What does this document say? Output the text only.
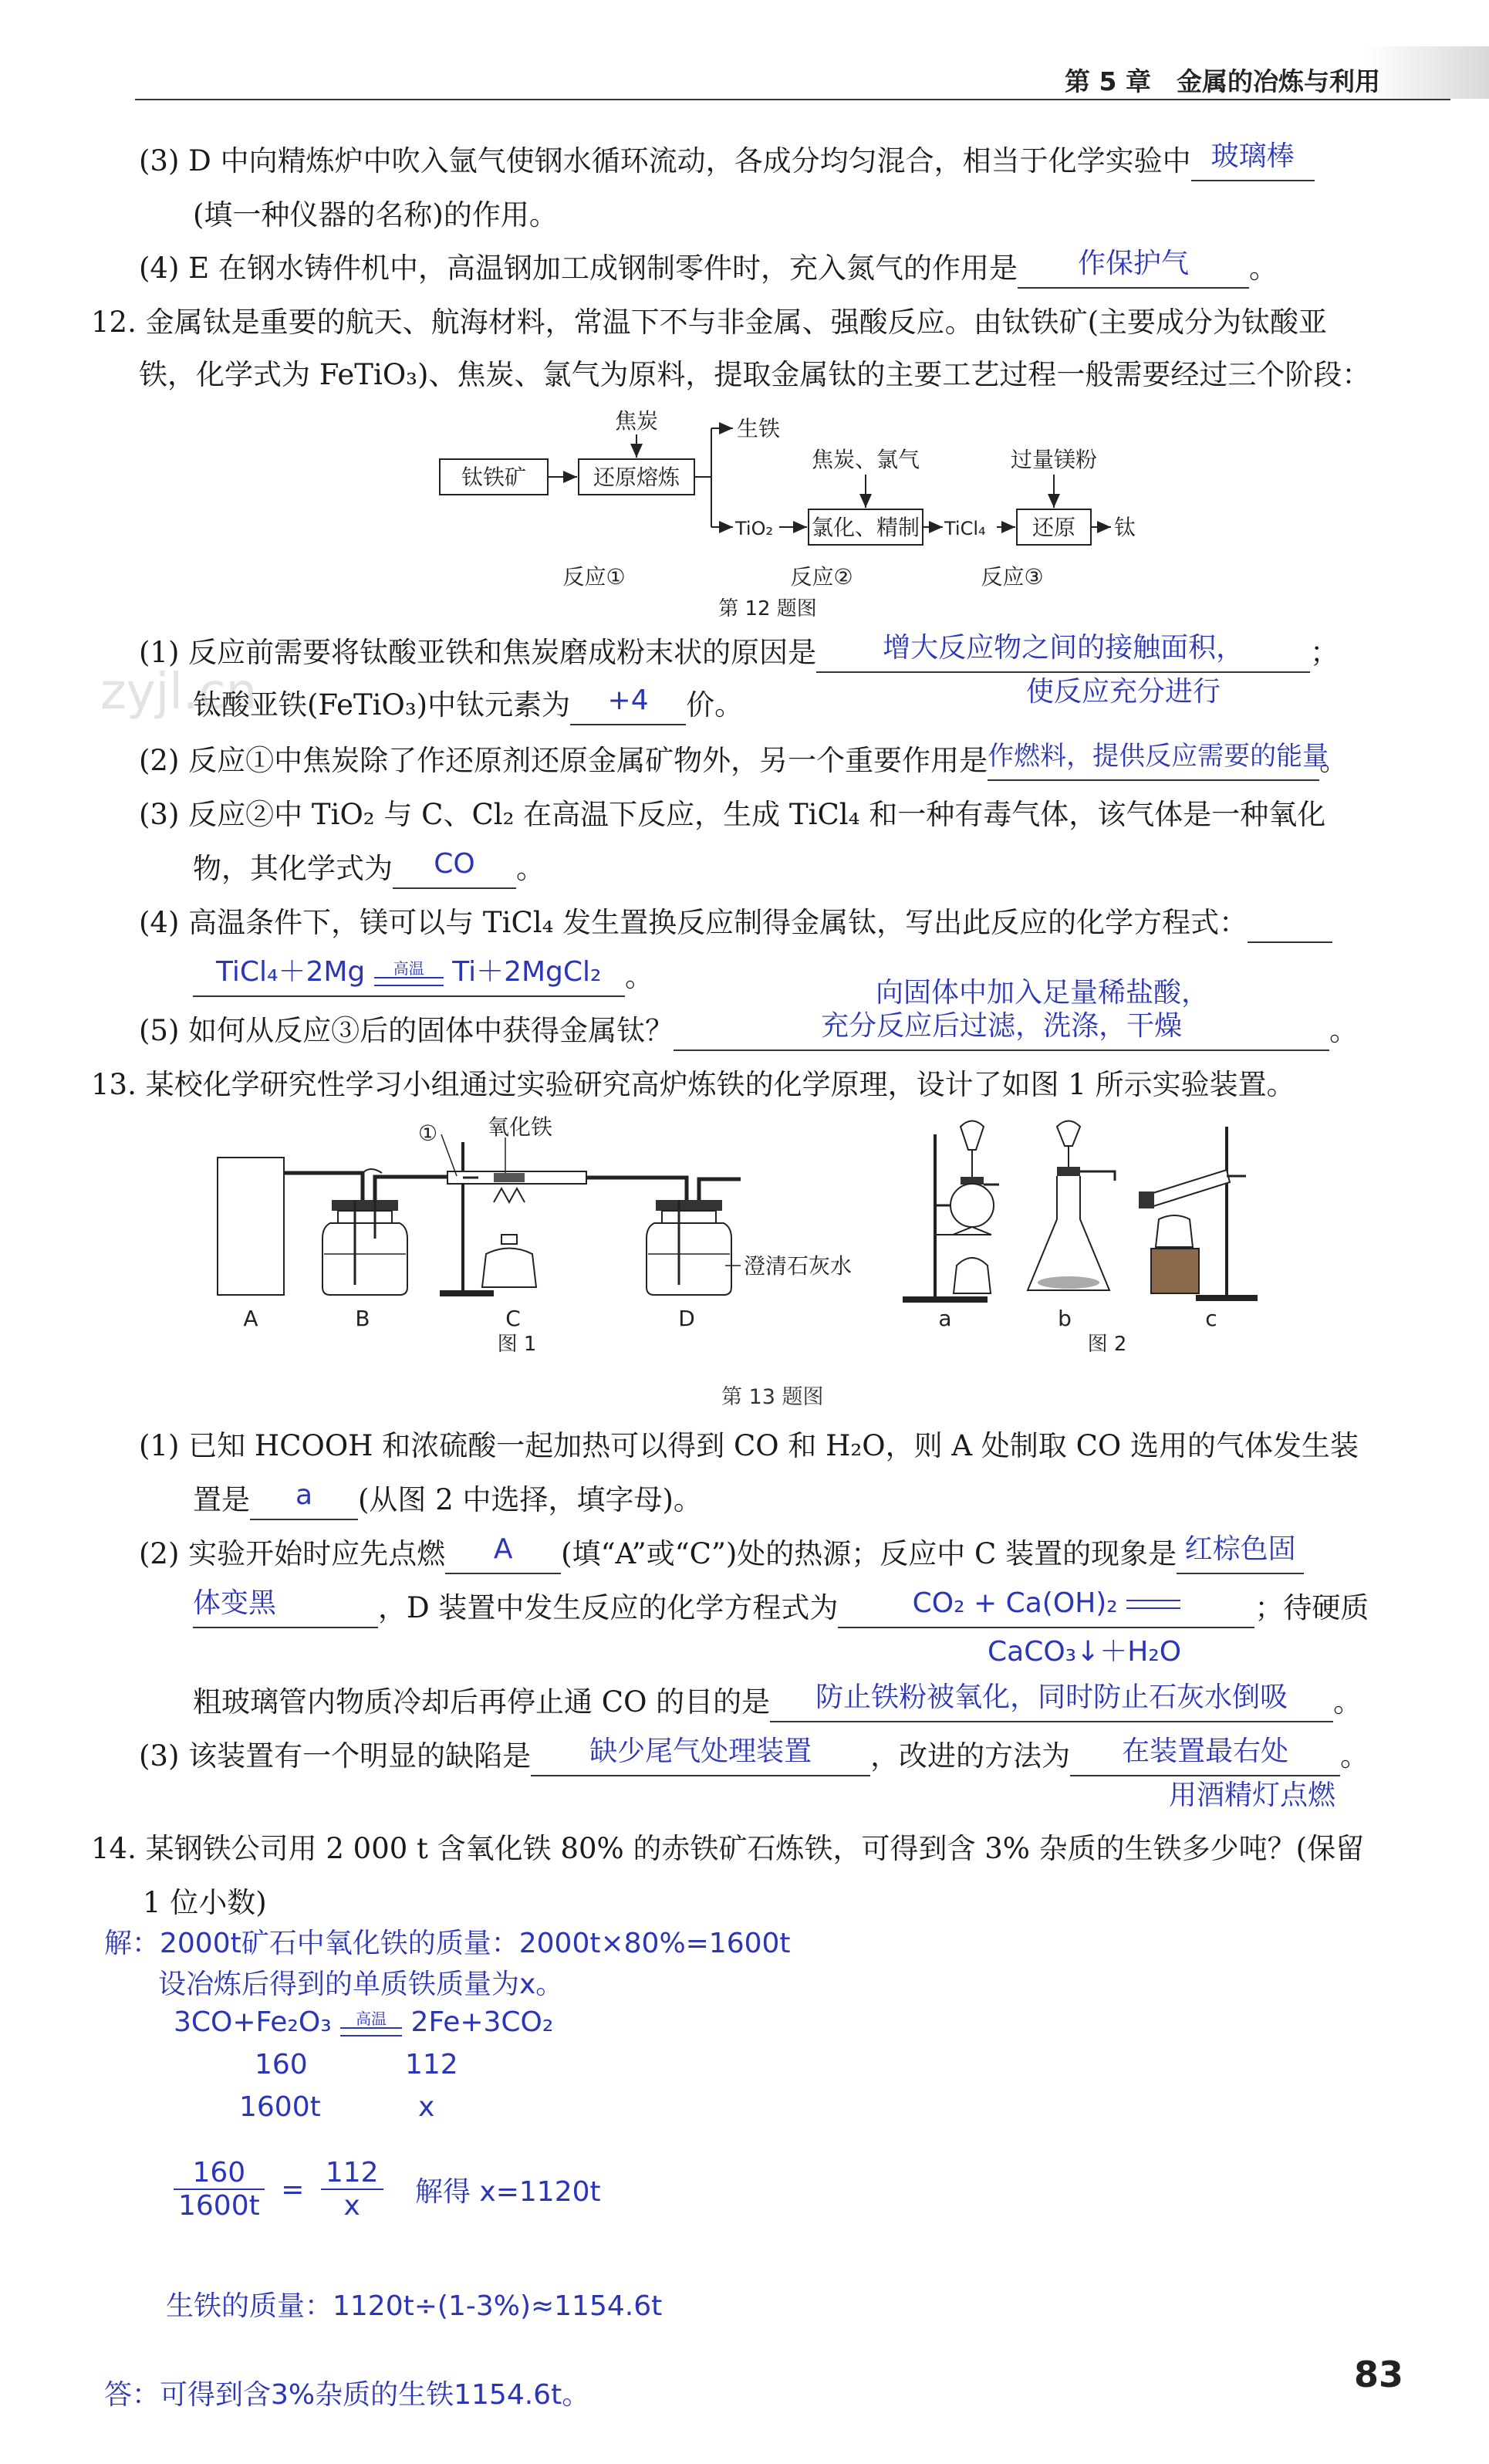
第 5 章　金属的冶炼与利用
zyjl.cn
(3) D 中向精炼炉中吹入氩气使钢水循环流动，各成分均匀混合，相当于化学实验中 玻璃棒
(填一种仪器的名称)的作用。
(4) E 在钢水铸件机中，高温钢加工成钢制零件时，充入氮气的作用是	作保护气	。
12. 金属钛是重要的航天、航海材料，常温下不与非金属、强酸反应。由钛铁矿(主要成分为钛酸亚
铁，化学式为 FeTiO₃)、焦炭、氯气为原料，提取金属钛的主要工艺过程一般需要经过三个阶段：
钛铁矿	还原熔炼
焦炭	生铁
TiO₂ 氯化、精制
焦炭、氯气
TiCl₄ 还原
过量镁粉
钛
反应①	反应②	反应③
第 12 题图
(1) 反应前需要将钛酸亚铁和焦炭磨成粉末状的原因是	增大反应物之间的接触面积，	；
使反应充分进行
钛酸亚铁(FeTiO₃)中钛元素为	+4	价。
(2) 反应①中焦炭除了作还原剂还原金属矿物外，另一个重要作用是 作燃料，提供反应需要的能量
。
(3) 反应②中 TiO₂ 与 C、Cl₂ 在高温下反应，生成 TiCl₄ 和一种有毒气体，该气体是一种氧化
物，其化学式为	CO	。
(4) 高温条件下，镁可以与 TiCl₄ 发生置换反应制得金属钛，写出此反应的化学方程式：
TiCl₄＋2Mg	高温	Ti＋2MgCl₂ 。	向固体中加入足量稀盐酸，
(5) 如何从反应③后的固体中获得金属钛？	充分反应后过滤，洗涤，干燥	。
13. 某校化学研究性学习小组通过实验研究高炉炼铁的化学原理，设计了如图 1 所示实验装置。
① 氧化铁
澄清石灰水
A	B	C	D
图 1
a	b	c
图 2
第 13 题图
(1) 已知 HCOOH 和浓硫酸一起加热可以得到 CO 和 H₂O，则 A 处制取 CO 选用的气体发生装
置是	a	(从图 2 中选择，填字母)。
(2) 实验开始时应先点燃	A	(填“A”或“C”)处的热源；反应中 C 装置的现象是 红棕色固
体变黑	，D 装置中发生反应的化学方程式为	CO₂ + Ca(OH)₂	；待硬质
CaCO₃↓＋H₂O
粗玻璃管内物质冷却后再停止通 CO 的目的是	防止铁粉被氧化，同时防止石灰水倒吸	。
(3) 该装置有一个明显的缺陷是	缺少尾气处理装置	，改进的方法为	在装置最右处	。
用酒精灯点燃
14. 某钢铁公司用 2 000 t 含氧化铁 80% 的赤铁矿石炼铁，可得到含 3% 杂质的生铁多少吨？(保留
1 位小数)
解：2000t矿石中氧化铁的质量：2000t×80%=1600t
设冶炼后得到的单质铁质量为x。
3CO+Fe₂O₃	高温 2Fe+3CO₂
160	112
1600t	x
$\frac{160}{1600t} = \frac{112}{x}$ 解得 x=1120t
生铁的质量：1120t÷(1-3%)≈1154.6t
答：可得到含3%杂质的生铁1154.6t。	83
